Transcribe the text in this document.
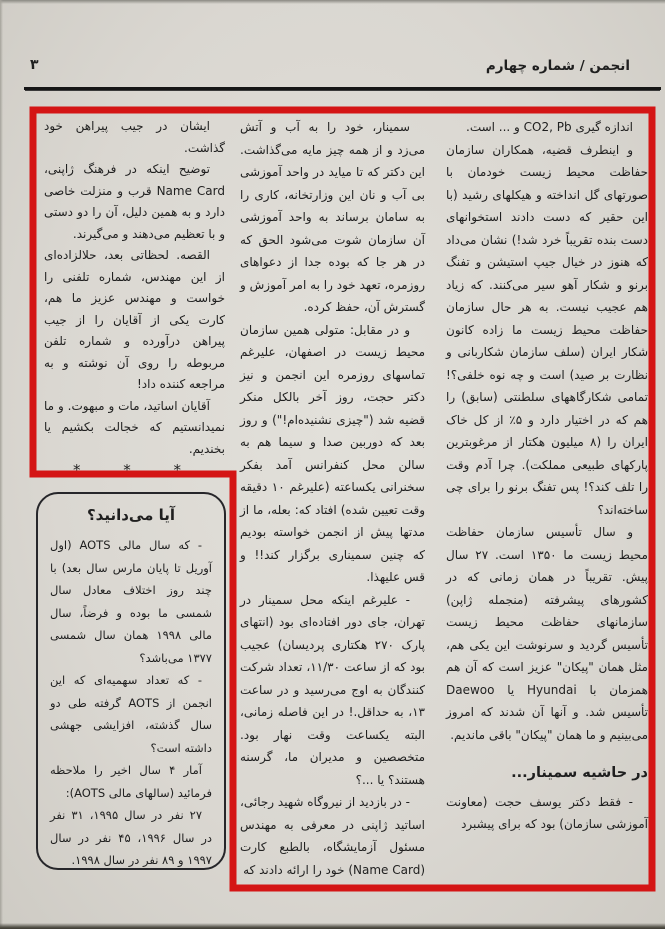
۳	انجمن / شماره چهارم

اندازه گیری CO2, Pb و ... است.

و اینطرف قضیه، همکاران سازمان حفاظت محیط زیست خودمان با صورتهای گل انداخته و هیکلهای رشید (با این حقیر که دست دادند استخوانهای دست بنده تقریباً خرد شد!) نشان می‌داد که هنوز در خیال جیپ استیشن و تفنگ برنو و شکار آهو سیر می‌کنند. که زیاد هم عجیب نیست. به هر حال سازمان حفاظت محیط زیست ما زاده کانون شکار ایران (سلف سازمان شکاربانی و نظارت بر صید) است و چه نوه خلفی؟! تمامی شکارگاههای سلطنتی (سابق) را هم که در اختیار دارد و ۵٪ از کل خاک ایران را (۸ میلیون هکتار از مرغوبترین پارکهای طبیعی مملکت). چرا آدم وقت را تلف کند؟! پس تفنگ برنو را برای چی ساخته‌اند؟

و سال تأسیس سازمان حفاظت محیط زیست ما ۱۳۵۰ است. ۲۷ سال پیش. تقریباً در همان زمانی که در کشورهای پیشرفته (منجمله ژاپن) سازمانهای حفاظت محیط زیست تأسیس گردید و سرنوشت این یکی هم، مثل همان "پیکان" عزیز است که آن هم همزمان با Hyundai یا Daewoo تأسیس شد. و آنها آن شدند که امروز می‌بینیم و ما همان "پیکان" باقی ماندیم.

در حاشیه سمینار...

- فقط دکتر یوسف حجت (معاونت آموزشی سازمان) بود که برای پیشبرد

سمینار، خود را به آب و آتش می‌زد و از همه چیز مایه می‌گذاشت. این دکتر که تا میاید در واحد آموزشی بی آب و نان این وزارتخانه، کاری را به سامان برساند به واحد آموزشی آن سازمان شوت می‌شود الحق که در هر جا که بوده جدا از دعواهای روزمره، تعهد خود را به امر آموزش و گسترش آن، حفظ کرده.

و در مقابل: متولی همین سازمان محیط زیست در اصفهان، علیرغم تماسهای روزمره این انجمن و نیز دکتر حجت، روز آخر بالکل منکر قضیه شد ("چیزی نشنیده‌ام!") و روز بعد که دوربین صدا و سیما هم به سالن محل کنفرانس آمد بفکر سخنرانی یکساعته (علیرغم ۱۰ دقیقه وقت تعیین شده) افتاد که: بعله، ما از مدتها پیش از انجمن خواسته بودیم که چنین سمیناری برگزار کند!! و قس علیهذا.

- علیرغم اینکه محل سمینار در تهران، جای دور افتاده‌ای بود (انتهای پارک ۲۷۰ هکتاری پردیسان) عجیب بود که از ساعت ۱۱/۳۰، تعداد شرکت کنندگان به اوج می‌رسید و در ساعت ۱۳، به حداقل.! در این فاصله زمانی، البته یکساعت وقت نهار بود. متخصصین و مدیران ما، گرسنه هستند؟ یا ...؟

- در بازدید از نیروگاه شهید رجائی، اساتید ژاپنی در معرفی به مهندس مسئول آزمایشگاه، بالطبع کارت (Name Card) خود را ارائه دادند که

ایشان در جیب پیراهن خود گذاشت.

توضیح اینکه در فرهنگ ژاپنی، Name Card قرب و منزلت خاصی دارد و به همین دلیل، آن را دو دستی و با تعظیم می‌دهند و می‌گیرند.

القصه. لحظاتی بعد، حلالزاده‌ای از این مهندس، شماره تلفنی را خواست و مهندس عزیز ما هم، کارت یکی از آقایان را از جیب پیراهن درآورده و شماره تلفن مربوطه را روی آن نوشته و به مراجعه کننده داد!

آقایان اساتید، مات و مبهوت. و ما نمیدانستیم که خجالت بکشیم یا بخندیم.

* * *

آیا می‌دانید؟

- که سال مالی AOTS (اول آوریل تا پایان مارس سال بعد) با چند روز اختلاف معادل سال شمسی ما بوده و فرضاً، سال مالی ۱۹۹۸ همان سال شمسی ۱۳۷۷ می‌باشد؟

- که تعداد سهمیه‌ای که این انجمن از AOTS گرفته طی دو سال گذشته، افزایشی جهشی داشته است؟

آمار ۴ سال اخیر را ملاحظه فرمائید (سالهای مالی AOTS):

۲۷ نفر در سال ۱۹۹۵، ۳۱ نفر در سال ۱۹۹۶، ۴۵ نفر در سال ۱۹۹۷ و ۸۹ نفر در سال ۱۹۹۸.
